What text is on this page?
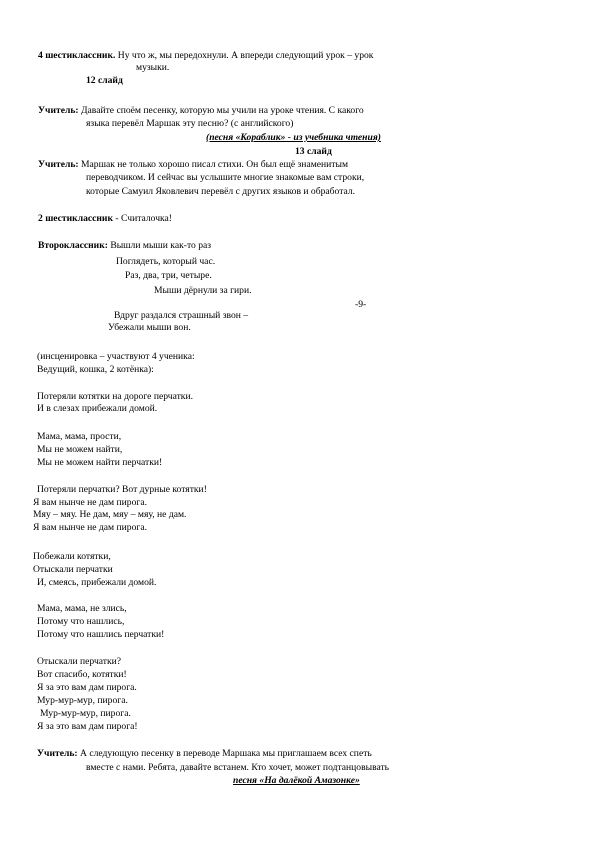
4 шестиклассник. Ну что ж, мы передохнули. А впереди следующий урок – урок
музыки.
12 слайд
Учитель: Давайте споём песенку, которую мы учили на уроке чтения. С какого
языка перевёл Маршак эту песню? (с английского)
(песня «Кораблик» - из учебника чтения)
13 слайд
Учитель: Маршак не только хорошо писал стихи. Он был ещё знаменитым
переводчиком. И сейчас вы услышите многие знакомые вам строки,
которые Самуил Яковлевич перевёл с других языков и обработал.
2 шестиклассник - Считалочка!
Второклассник: Вышли мыши как-то раз
Поглядеть, который час.
Раз, два, три, четыре.
Мыши дёрнули за гири.
-9-
Вдруг раздался страшный звон –
Убежали мыши вон.
(инсценировка – участвуют 4 ученика:
Ведущий, кошка, 2 котёнка):
Потеряли котятки на дороге перчатки.
И в слезах прибежали домой.
Мама, мама, прости,
Мы не можем найти,
Мы не можем найти перчатки!
Потеряли перчатки? Вот дурные котятки!
Я вам нынче не дам пирога.
Мяу – мяу. Не дам, мяу – мяу, не дам.
Я вам нынче не дам пирога.
Побежали котятки,
Отыскали перчатки
И, смеясь, прибежали домой.
Мама, мама, не злись,
Потому что нашлись,
Потому что нашлись перчатки!
Отыскали перчатки?
Вот спасибо, котятки!
Я за это вам дам пирога.
Мур-мур-мур, пирога.
Мур-мур-мур, пирога.
Я за это вам дам пирога!
Учитель: А следующую песенку в переводе Маршака мы приглашаем всех спеть
вместе с нами. Ребята, давайте встанем. Кто хочет, может подтанцовывать
песня «На далёкой Амазонке»
